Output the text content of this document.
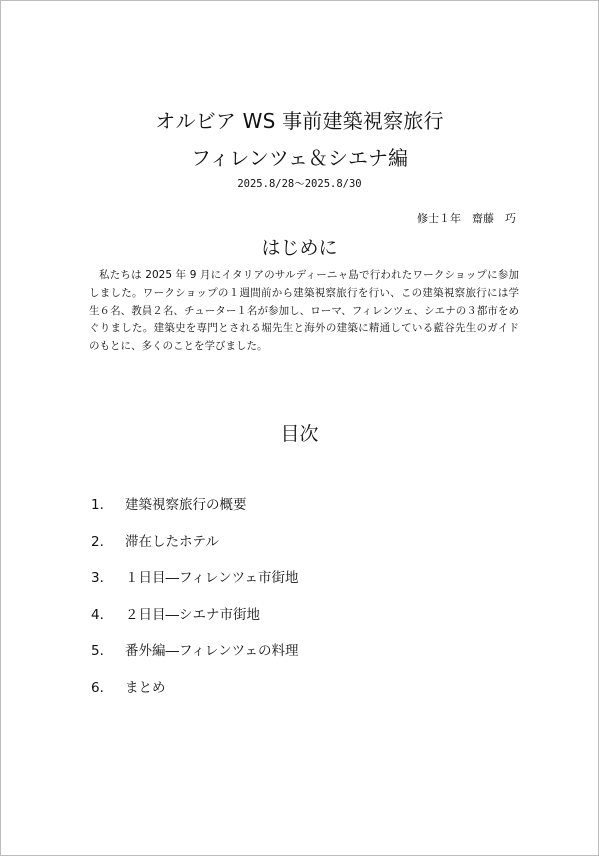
オルビア WS 事前建築視察旅行
フィレンツェ＆シエナ編
2025.8/28～2025.8/30
修士１年　齋藤　巧
はじめに
私たちは 2025 年 9 月にイタリアのサルディーニャ島で行われたワークショップに参加しました。ワークショップの１週間前から建築視察旅行を行い、この建築視察旅行には学生６名、教員２名、チューター１名が参加し、ローマ、フィレンツェ、シエナの３都市をめぐりました。建築史を専門とされる堀先生と海外の建築に精通している藍谷先生のガイドのもとに、多くのことを学びました。
目次
1． 建築視察旅行の概要
2． 滞在したホテル
3． １日目―フィレンツェ市街地
4． ２日目―シエナ市街地
5． 番外編―フィレンツェの料理
6． まとめ
